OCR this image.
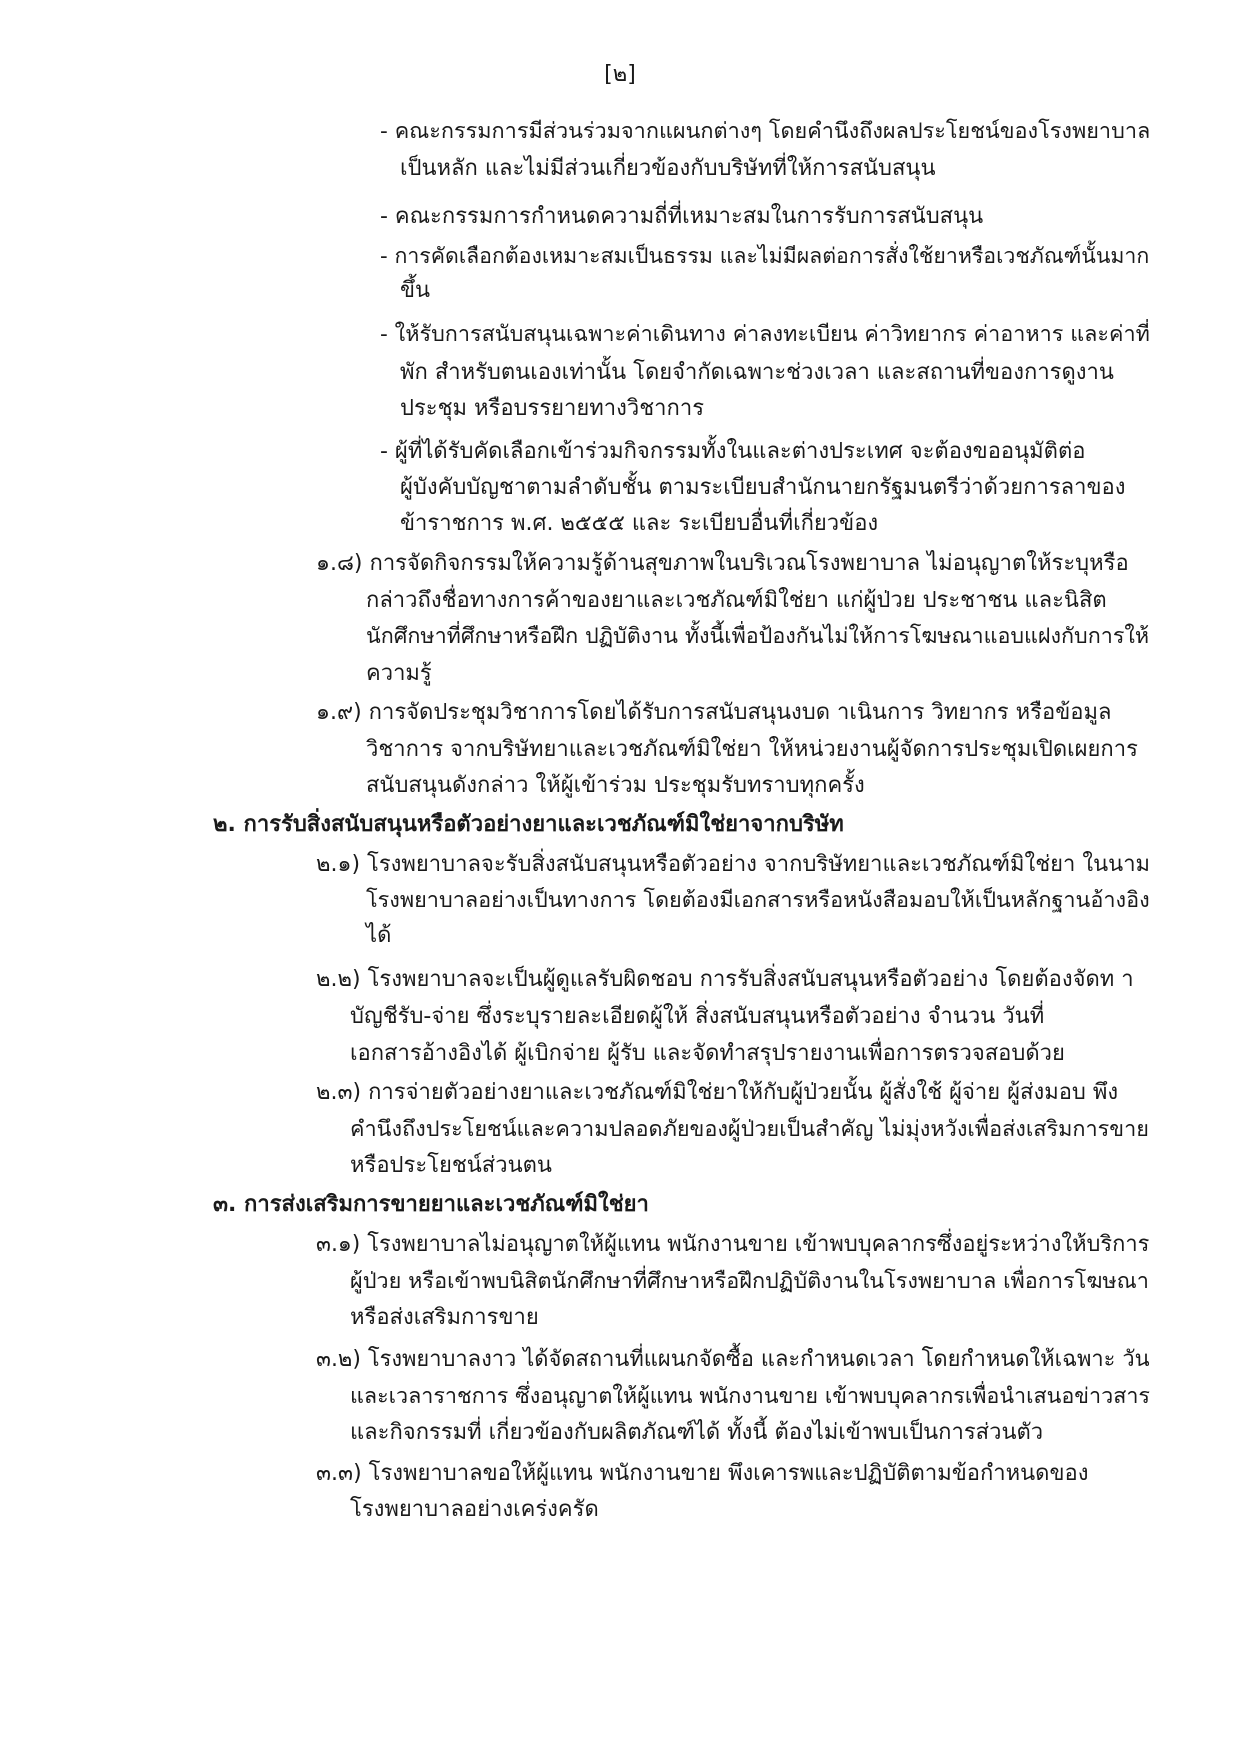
[๒]
- คณะกรรมการมีส่วนร่วมจากแผนกต่างๆ โดยคำนึงถึงผลประโยชน์ของโรงพยาบาล
เป็นหลัก และไม่มีส่วนเกี่ยวข้องกับบริษัทที่ให้การสนับสนุน
- คณะกรรมการกำหนดความถี่ที่เหมาะสมในการรับการสนับสนุน
- การคัดเลือกต้องเหมาะสมเป็นธรรม และไม่มีผลต่อการสั่งใช้ยาหรือเวชภัณฑ์นั้นมาก
ขึ้น
- ให้รับการสนับสนุนเฉพาะค่าเดินทาง ค่าลงทะเบียน ค่าวิทยากร ค่าอาหาร และค่าที่
พัก สำหรับตนเองเท่านั้น โดยจำกัดเฉพาะช่วงเวลา และสถานที่ของการดูงาน
ประชุม หรือบรรยายทางวิชาการ
- ผู้ที่ได้รับคัดเลือกเข้าร่วมกิจกรรมทั้งในและต่างประเทศ จะต้องขออนุมัติต่อ
ผู้บังคับบัญชาตามลำดับชั้น ตามระเบียบสำนักนายกรัฐมนตรีว่าด้วยการลาของ
ข้าราชการ พ.ศ. ๒๕๕๕ และ ระเบียบอื่นที่เกี่ยวข้อง
๑.๘) การจัดกิจกรรมให้ความรู้ด้านสุขภาพในบริเวณโรงพยาบาล ไม่อนุญาตให้ระบุหรือ
กล่าวถึงชื่อทางการค้าของยาและเวชภัณฑ์มิใช่ยา แก่ผู้ป่วย ประชาชน และนิสิต
นักศึกษาที่ศึกษาหรือฝึก ปฏิบัติงาน ทั้งนี้เพื่อป้องกันไม่ให้การโฆษณาแอบแฝงกับการให้
ความรู้
๑.๙) การจัดประชุมวิชาการโดยได้รับการสนับสนุนงบด าเนินการ วิทยากร หรือข้อมูล
วิชาการ จากบริษัทยาและเวชภัณฑ์มิใช่ยา ให้หน่วยงานผู้จัดการประชุมเปิดเผยการ
สนับสนุนดังกล่าว ให้ผู้เข้าร่วม ประชุมรับทราบทุกครั้ง
๒. การรับสิ่งสนับสนุนหรือตัวอย่างยาและเวชภัณฑ์มิใช่ยาจากบริษัท
๒.๑) โรงพยาบาลจะรับสิ่งสนับสนุนหรือตัวอย่าง จากบริษัทยาและเวชภัณฑ์มิใช่ยา ในนาม
โรงพยาบาลอย่างเป็นทางการ โดยต้องมีเอกสารหรือหนังสือมอบให้เป็นหลักฐานอ้างอิง
ได้
๒.๒) โรงพยาบาลจะเป็นผู้ดูแลรับผิดชอบ การรับสิ่งสนับสนุนหรือตัวอย่าง โดยต้องจัดท า
บัญชีรับ-จ่าย ซึ่งระบุรายละเอียดผู้ให้ สิ่งสนับสนุนหรือตัวอย่าง จำนวน วันที่
เอกสารอ้างอิงได้ ผู้เบิกจ่าย ผู้รับ และจัดทำสรุปรายงานเพื่อการตรวจสอบด้วย
๒.๓) การจ่ายตัวอย่างยาและเวชภัณฑ์มิใช่ยาให้กับผู้ป่วยนั้น ผู้สั่งใช้ ผู้จ่าย ผู้ส่งมอบ พึง
คำนึงถึงประโยชน์และความปลอดภัยของผู้ป่วยเป็นสำคัญ ไม่มุ่งหวังเพื่อส่งเสริมการขาย
หรือประโยชน์ส่วนตน
๓. การส่งเสริมการขายยาและเวชภัณฑ์มิใช่ยา
๓.๑) โรงพยาบาลไม่อนุญาตให้ผู้แทน พนักงานขาย เข้าพบบุคลากรซึ่งอยู่ระหว่างให้บริการ
ผู้ป่วย หรือเข้าพบนิสิตนักศึกษาที่ศึกษาหรือฝึกปฏิบัติงานในโรงพยาบาล เพื่อการโฆษณา
หรือส่งเสริมการขาย
๓.๒) โรงพยาบาลงาว ได้จัดสถานที่แผนกจัดซื้อ และกำหนดเวลา โดยกำหนดให้เฉพาะ วัน
และเวลาราชการ ซึ่งอนุญาตให้ผู้แทน พนักงานขาย เข้าพบบุคลากรเพื่อนำเสนอข่าวสาร
และกิจกรรมที่ เกี่ยวข้องกับผลิตภัณฑ์ได้ ทั้งนี้ ต้องไม่เข้าพบเป็นการส่วนตัว
๓.๓) โรงพยาบาลขอให้ผู้แทน พนักงานขาย พึงเคารพและปฏิบัติตามข้อกำหนดของ
โรงพยาบาลอย่างเคร่งครัด
